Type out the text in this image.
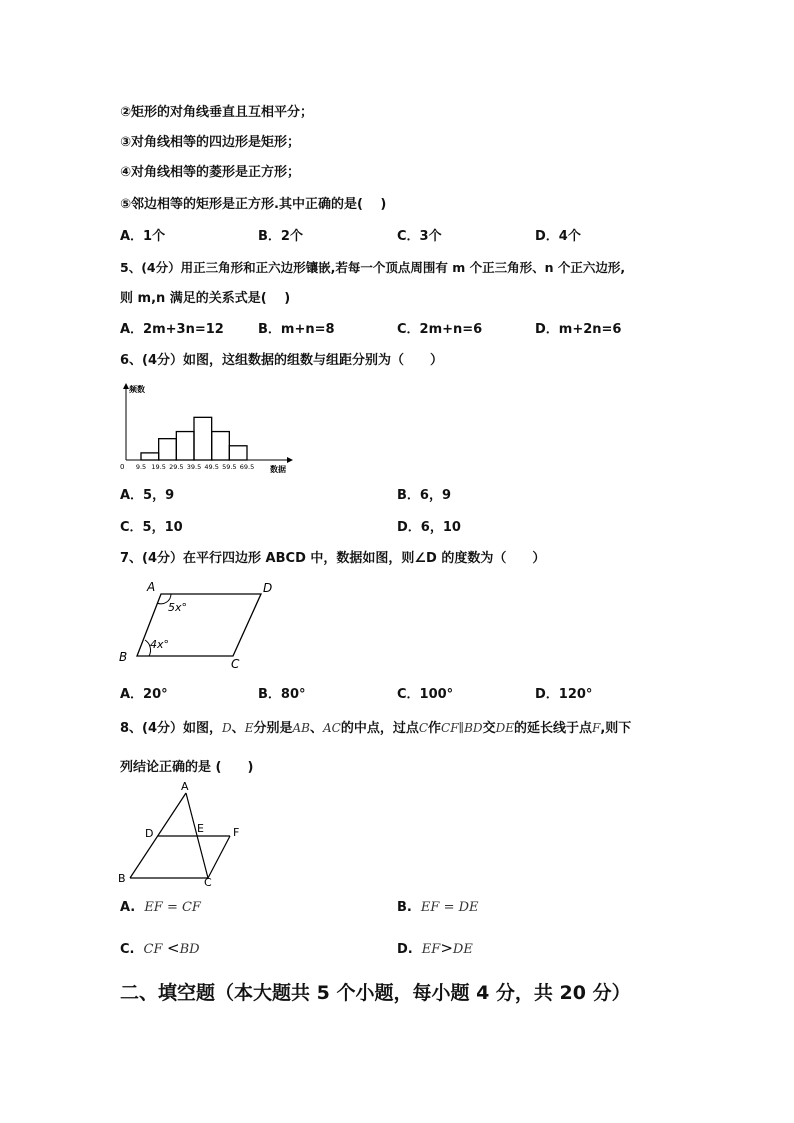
②矩形的对角线垂直且互相平分；
③对角线相等的四边形是矩形；
④对角线相等的菱形是正方形；
⑤邻边相等的矩形是正方形.其中正确的是(　 )
A．1个	B．2个	C．3个	D．4个
5、(4分）用正三角形和正六边形镶嵌,若每一个顶点周围有 m 个正三角形、n 个正六边形,
则 m,n 满足的关系式是(　 )
A．2m+3n=12	B．m+n=8	C．2m+n=6	D．m+2n=6
6、(4分）如图，这组数据的组数与组距分别为（　　）
频数
0	数据
9.5 19.5 29.5 39.5 49.5 59.5 69.5
A．5，9	B．6，9
C．5，10	D．6，10
7、(4分）在平行四边形 ABCD 中，数据如图，则∠D 的度数为（　　）
A	D
B	C
5x°
4x°
A．20°	B．80°	C．100°	D．120°
8、(4分）如图，D、E分别是AB、AC的中点，过点C作CF∥BD交DE的延长线于点F,则下
列结论正确的是 (　　)
A
D	E	F
B	C
A. EF = CF	B. EF = DE
C. CF <BD	D. EF>DE
二、填空题（本大题共 5 个小题，每小题 4 分，共 20 分）
